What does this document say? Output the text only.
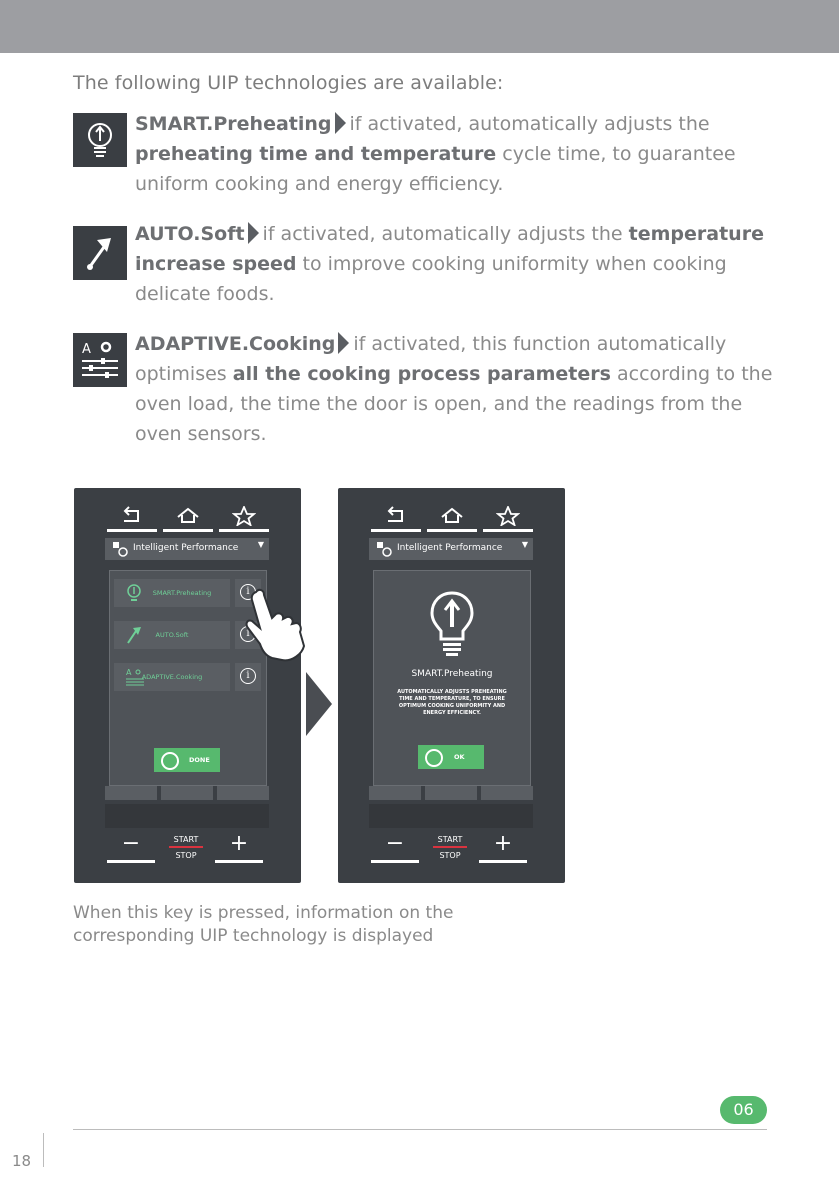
The following UIP technologies are available:
SMART.Preheating if activated, automatically adjusts the preheating time and temperature cycle time, to guarantee uniform cooking and energy efficiency.
AUTO.Soft if activated, automatically adjusts the temperature increase speed to improve cooking uniformity when cooking delicate foods.
A ADAPTIVE.Cooking if activated, this function automatically optimises all the cooking process parameters according to the oven load, the time the door is open, and the readings from the oven sensors.
Intelligent Performance ▼
SMART.Preheating	i
AUTO.Soft	i
A	ADAPTIVE.Cooking	i
DONE
−	START
STOP	+
Intelligent Performance ▼
SMART.Preheating
AUTOMATICALLY ADJUSTS PREHEATING TIME AND TEMPERATURE, TO ENSURE OPTIMUM COOKING UNIFORMITY AND ENERGY EFFICIENCY.
OK
−	START
STOP	+
When this key is pressed, information on the corresponding UIP technology is displayed
06
18
